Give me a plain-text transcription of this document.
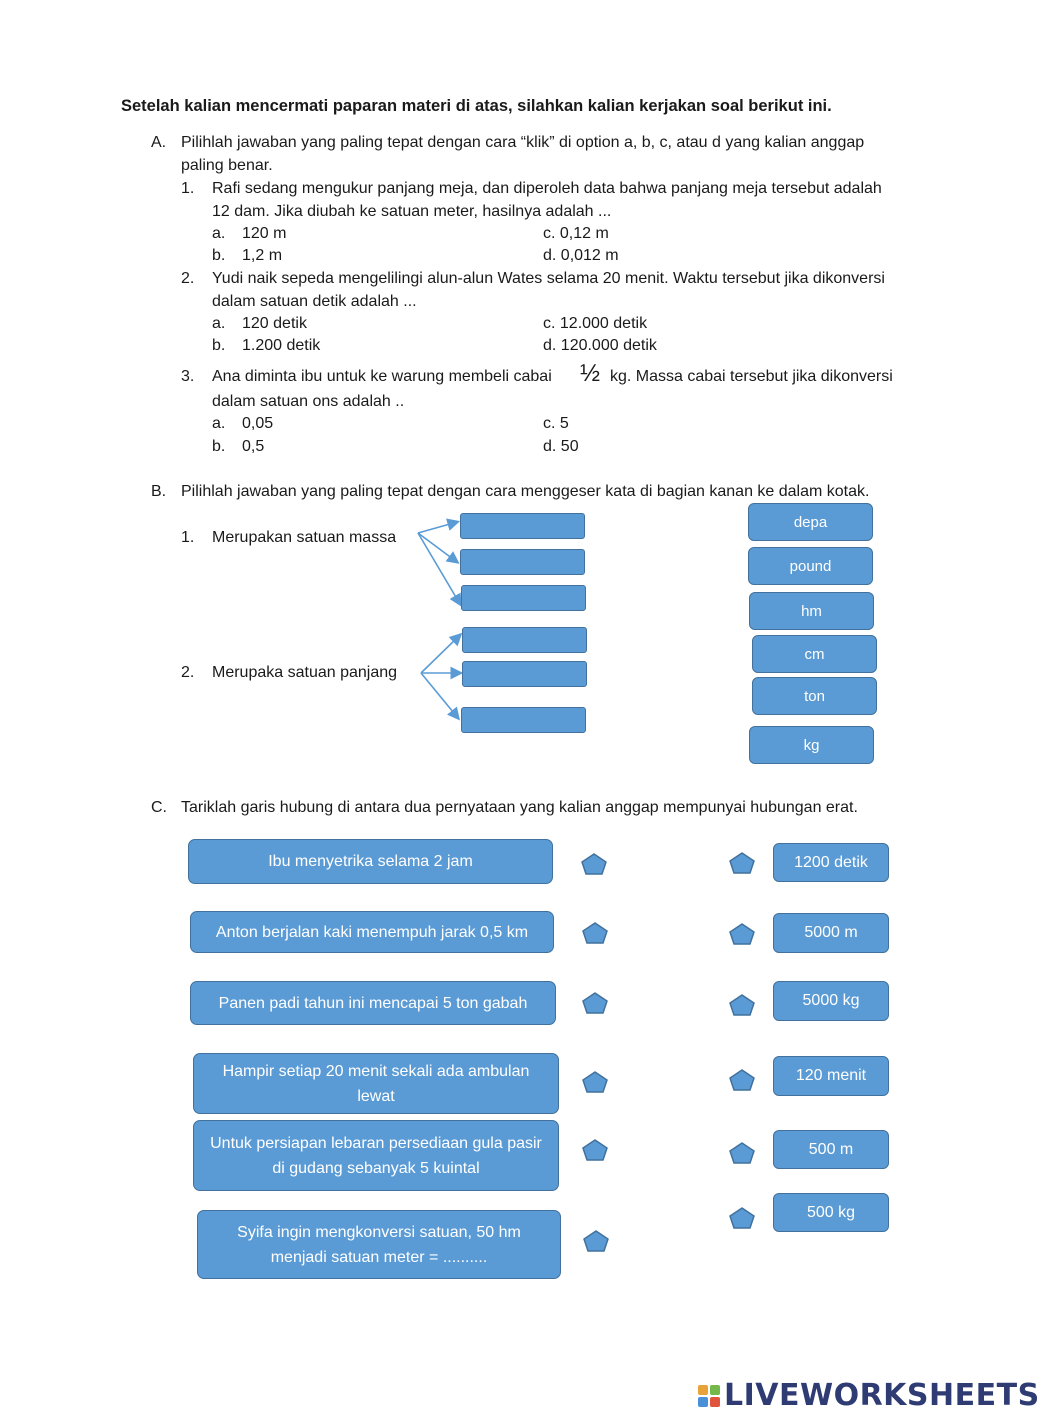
Setelah kalian mencermati paparan materi di atas, silahkan kalian kerjakan soal berikut ini.
A. Pilihlah jawaban yang paling tepat dengan cara “klik” di option a, b, c, atau d yang kalian anggap
paling benar.
1. Rafi sedang mengukur panjang meja, dan diperoleh data bahwa panjang meja tersebut adalah
12 dam. Jika diubah ke satuan meter, hasilnya adalah ...
a. 120 m
b. 1,2 m
c. 0,12 m
d. 0,012 m
2. Yudi naik sepeda mengelilingi alun-alun Wates selama 20 menit. Waktu tersebut jika dikonversi
dalam satuan detik adalah ...
a. 120 detik
b. 1.200 detik
c. 12.000 detik
d. 120.000 detik
3. Ana diminta ibu untuk ke warung membeli cabai ½ kg. Massa cabai tersebut jika dikonversi
dalam satuan ons adalah ..
a. 0,05
b. 0,5
c. 5
d. 50
B. Pilihlah jawaban yang paling tepat dengan cara menggeser kata di bagian kanan ke dalam kotak.
1. Merupakan satuan massa
2. Merupaka satuan panjang
depa
pound
hm
cm
ton
kg
C. Tariklah garis hubung di antara dua pernyataan yang kalian anggap mempunyai hubungan erat.
Ibu menyetrika selama 2 jam
Anton berjalan kaki menempuh jarak 0,5 km
Panen padi tahun ini mencapai 5 ton gabah
Hampir setiap 20 menit sekali ada ambulan lewat
Untuk persiapan lebaran persediaan gula pasir di gudang sebanyak 5 kuintal
Syifa ingin mengkonversi satuan, 50 hm menjadi satuan meter = ..........
1200 detik
5000 m
5000 kg
120 menit
500 m
500 kg
LIVEWORKSHEETS
